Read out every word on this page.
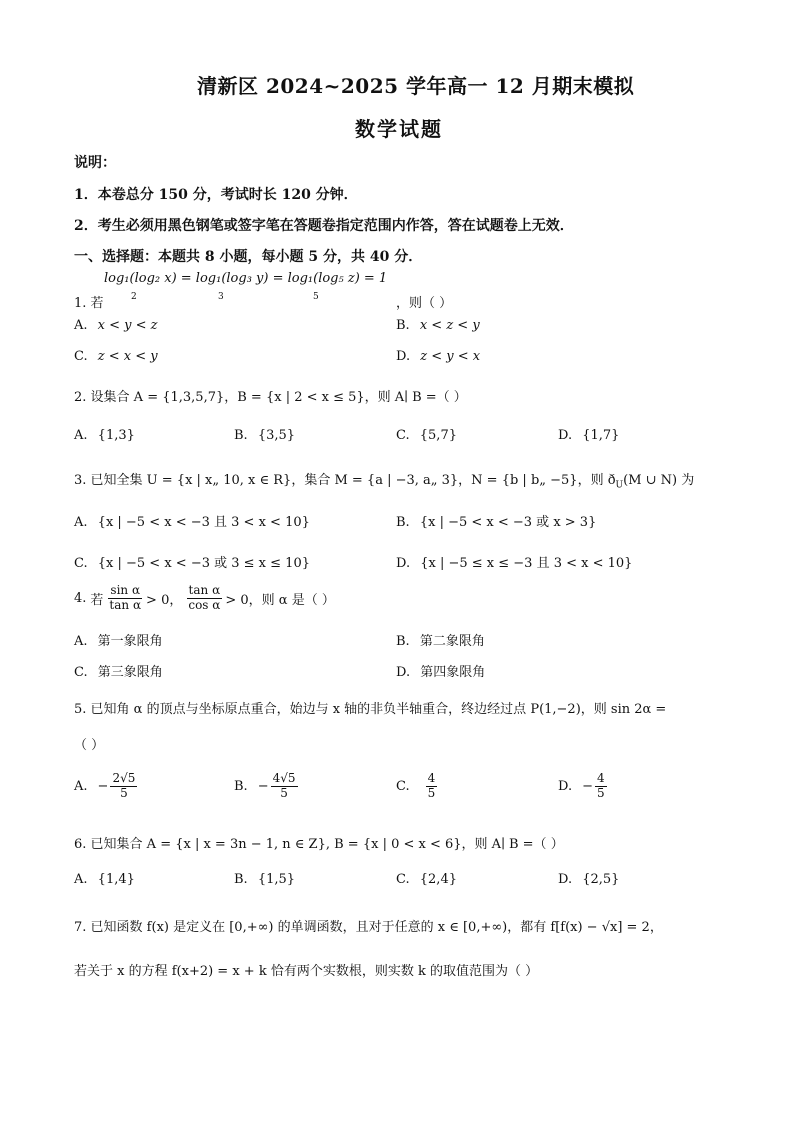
清新区 2024~2025 学年高一 12 月期末模拟
数学试题
说明：
1．本卷总分 150 分，考试时长 120 分钟．
2．考生必须用黑色钢笔或签字笔在答题卷指定范围内作答，答在试题卷上无效．
一、选择题：本题共 8 小题，每小题 5 分，共 40 分．
log₁(log₂ x) = log₁(log₃ y) = log₁(log₅ z) = 1
2	3	5
1. 若	，则（ ）
A. x < y < z	B. x < z < y
C. z < x < y	D. z < y < x
2. 设集合 A = {1,3,5,7}，B = {x | 2 < x ≤ 5}，则 A∣ B =（ ）
A. {1,3}	B. {3,5}	C. {5,7}	D. {1,7}
3. 已知全集 U = {x | x„ 10, x ∈ R}，集合 M = {a | −3, a„ 3}，N = {b | b„ −5}，则 $ð_U(M$ ∪ N) 为
A. {x | −5 < x < −3 且 3 < x < 10}	B. {x | −5 < x < −3 或 x > 3}
C. {x | −5 < x < −3 或 3 ≤ x ≤ 10}	D. {x | −5 ≤ x ≤ −3 且 3 < x < 10}
4. 若 $\frac{\text{sin α}}{\text{tan α}} > 0$， $\frac{\text{tan α}}{\text{cos α}} > 0$，则 α 是（ ）
A. 第一象限角	B. 第二象限角
C. 第三象限角	D. 第四象限角
5. 已知角 α 的顶点与坐标原点重合，始边与 x 轴的非负半轴重合，终边经过点 P(1,−2)，则 sin 2α =
（ ）
A. − $\frac{2√5}{5}$	B. − $\frac{4√5}{5}$	C. $\frac{4}{5}$	D. − $\frac{4}{5}$
6. 已知集合 A = {x | x = 3n − 1, n ∈ Z}, B = {x | 0 < x < 6}，则 A∣ B =（ ）
A. {1,4}	B. {1,5}	C. {2,4}	D. {2,5}
7. 已知函数 f(x) 是定义在 [0,+∞) 的单调函数，且对于任意的 x ∈ [0,+∞)，都有 f[f(x) − √x] = 2，
若关于 x 的方程 f(x+2) = x + k 恰有两个实数根，则实数 k 的取值范围为（ ）
